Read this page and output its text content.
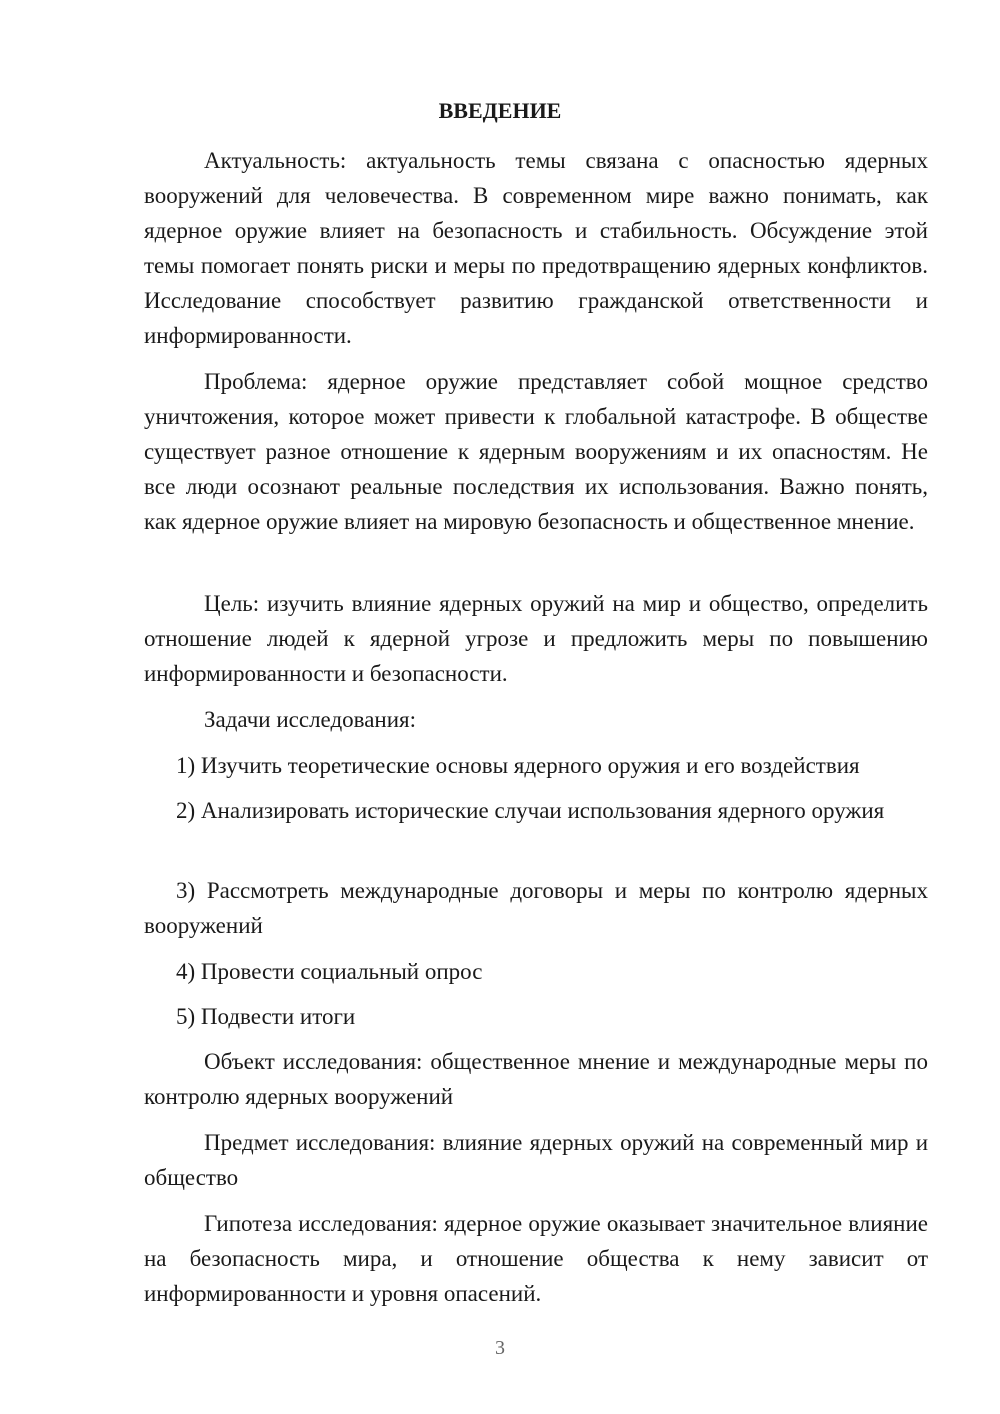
ВВЕДЕНИЕ

Актуальность: актуальность темы связана с опасностью ядерных вооружений для человечества. В современном мире важно понимать, как ядерное оружие влияет на безопасность и стабильность. Обсуждение этой темы помогает понять риски и меры по предотвращению ядерных конфликтов. Исследование способствует развитию гражданской ответственности и информированности.

Проблема: ядерное оружие представляет собой мощное средство уничтожения, которое может привести к глобальной катастрофе. В обществе существует разное отношение к ядерным вооружениям и их опасностям. Не все люди осознают реальные последствия их использования. Важно понять, как ядерное оружие влияет на мировую безопасность и общественное мнение.

Цель: изучить влияние ядерных оружий на мир и общество, определить отношение людей к ядерной угрозе и предложить меры по повышению информированности и безопасности.

Задачи исследования:

1) Изучить теоретические основы ядерного оружия и его воздействия

2) Анализировать исторические случаи использования ядерного оружия

3) Рассмотреть международные договоры и меры по контролю ядерных вооружений

4) Провести социальный опрос

5) Подвести итоги

Объект исследования: общественное мнение и международные меры по контролю ядерных вооружений

Предмет исследования: влияние ядерных оружий на современный мир и общество

Гипотеза исследования: ядерное оружие оказывает значительное влияние на безопасность мира, и отношение общества к нему зависит от информированности и уровня опасений.

3
